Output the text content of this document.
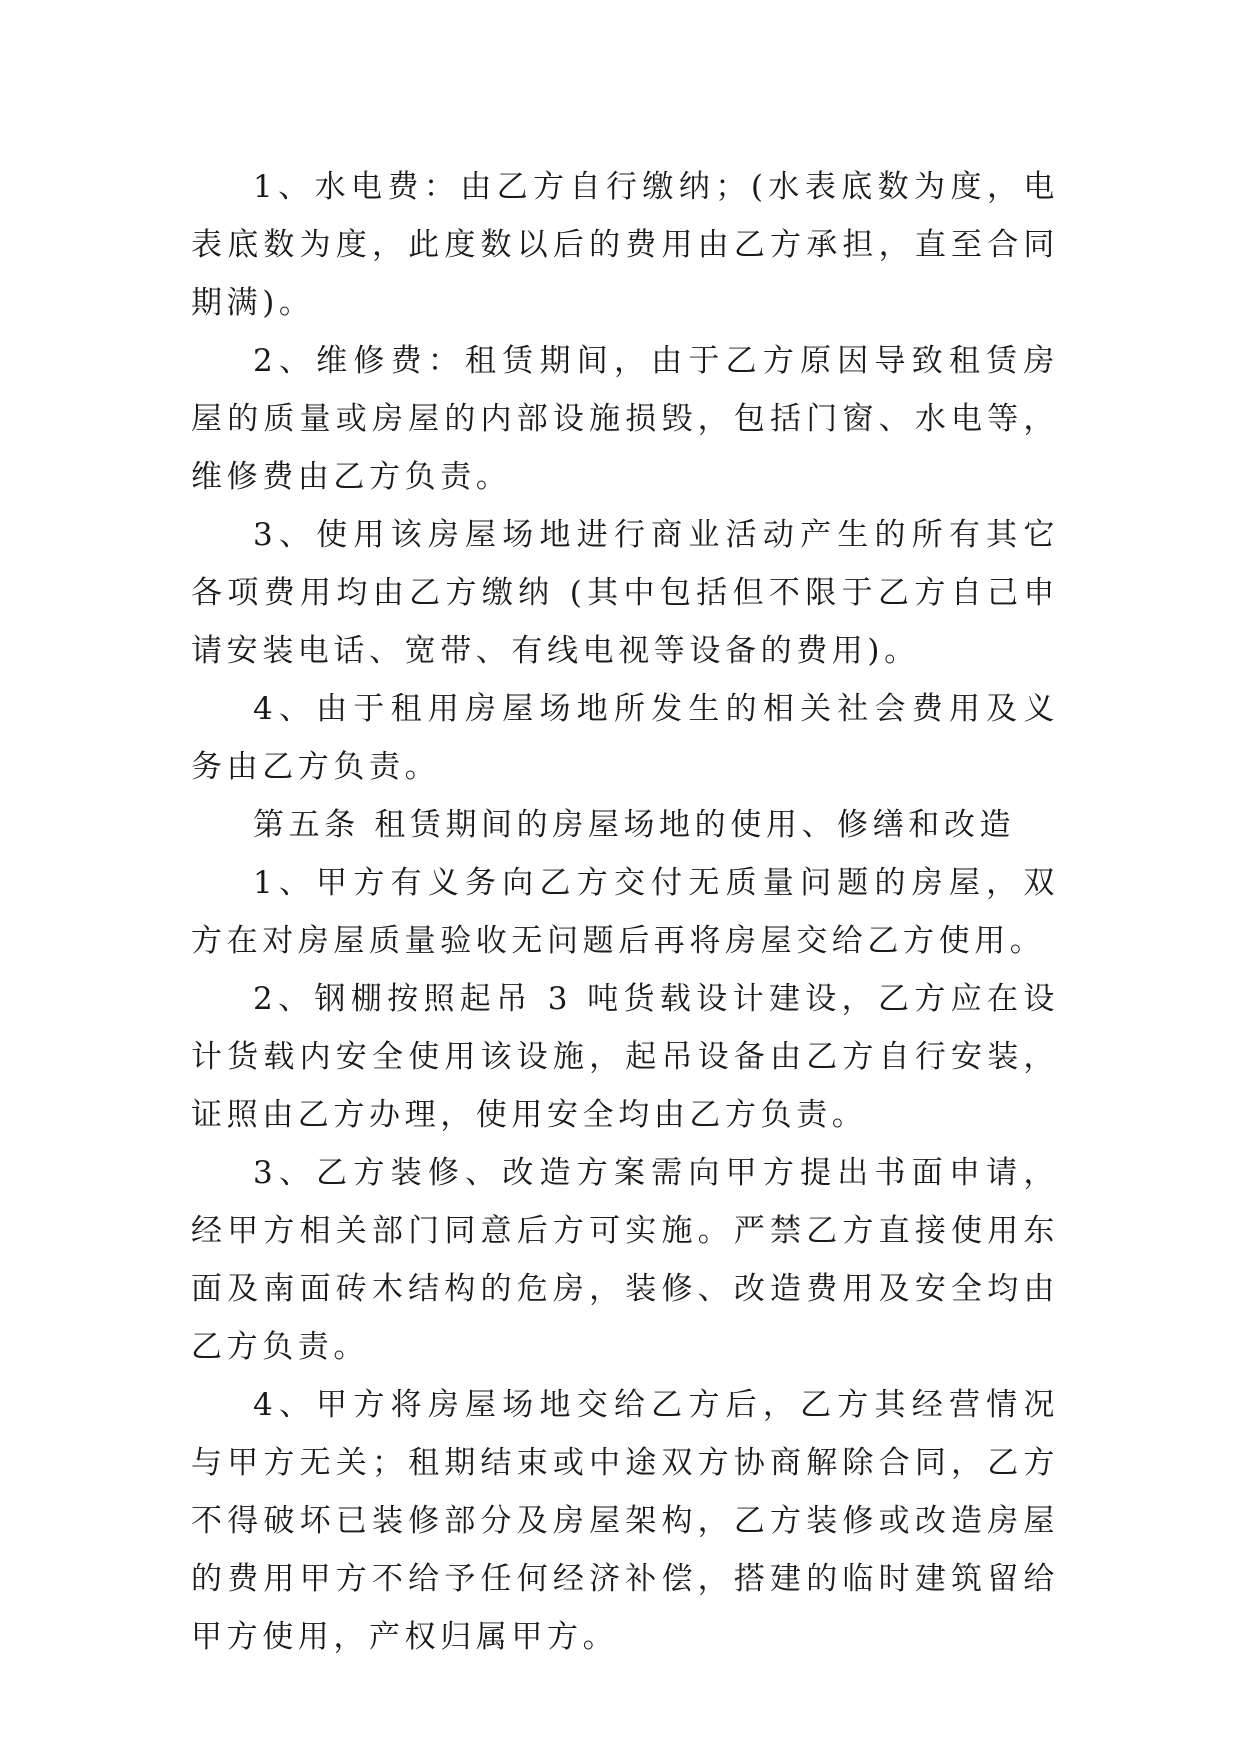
1、水电费：由乙方自行缴纳；(水表底数为度，电表底数为度，此度数以后的费用由乙方承担，直至合同期满)。

2、维修费：租赁期间，由于乙方原因导致租赁房屋的质量或房屋的内部设施损毁，包括门窗、水电等，维修费由乙方负责。

3、使用该房屋场地进行商业活动产生的所有其它各项费用均由乙方缴纳 (其中包括但不限于乙方自己申请安装电话、宽带、有线电视等设备的费用)。

4、由于租用房屋场地所发生的相关社会费用及义务由乙方负责。

第五条 租赁期间的房屋场地的使用、修缮和改造

1、甲方有义务向乙方交付无质量问题的房屋，双方在对房屋质量验收无问题后再将房屋交给乙方使用。

2、钢棚按照起吊 3 吨货载设计建设，乙方应在设计货载内安全使用该设施，起吊设备由乙方自行安装，证照由乙方办理，使用安全均由乙方负责。

3、乙方装修、改造方案需向甲方提出书面申请，经甲方相关部门同意后方可实施。严禁乙方直接使用东面及南面砖木结构的危房，装修、改造费用及安全均由乙方负责。

4、甲方将房屋场地交给乙方后，乙方其经营情况与甲方无关；租期结束或中途双方协商解除合同，乙方不得破坏已装修部分及房屋架构，乙方装修或改造房屋的费用甲方不给予任何经济补偿，搭建的临时建筑留给甲方使用，产权归属甲方。
